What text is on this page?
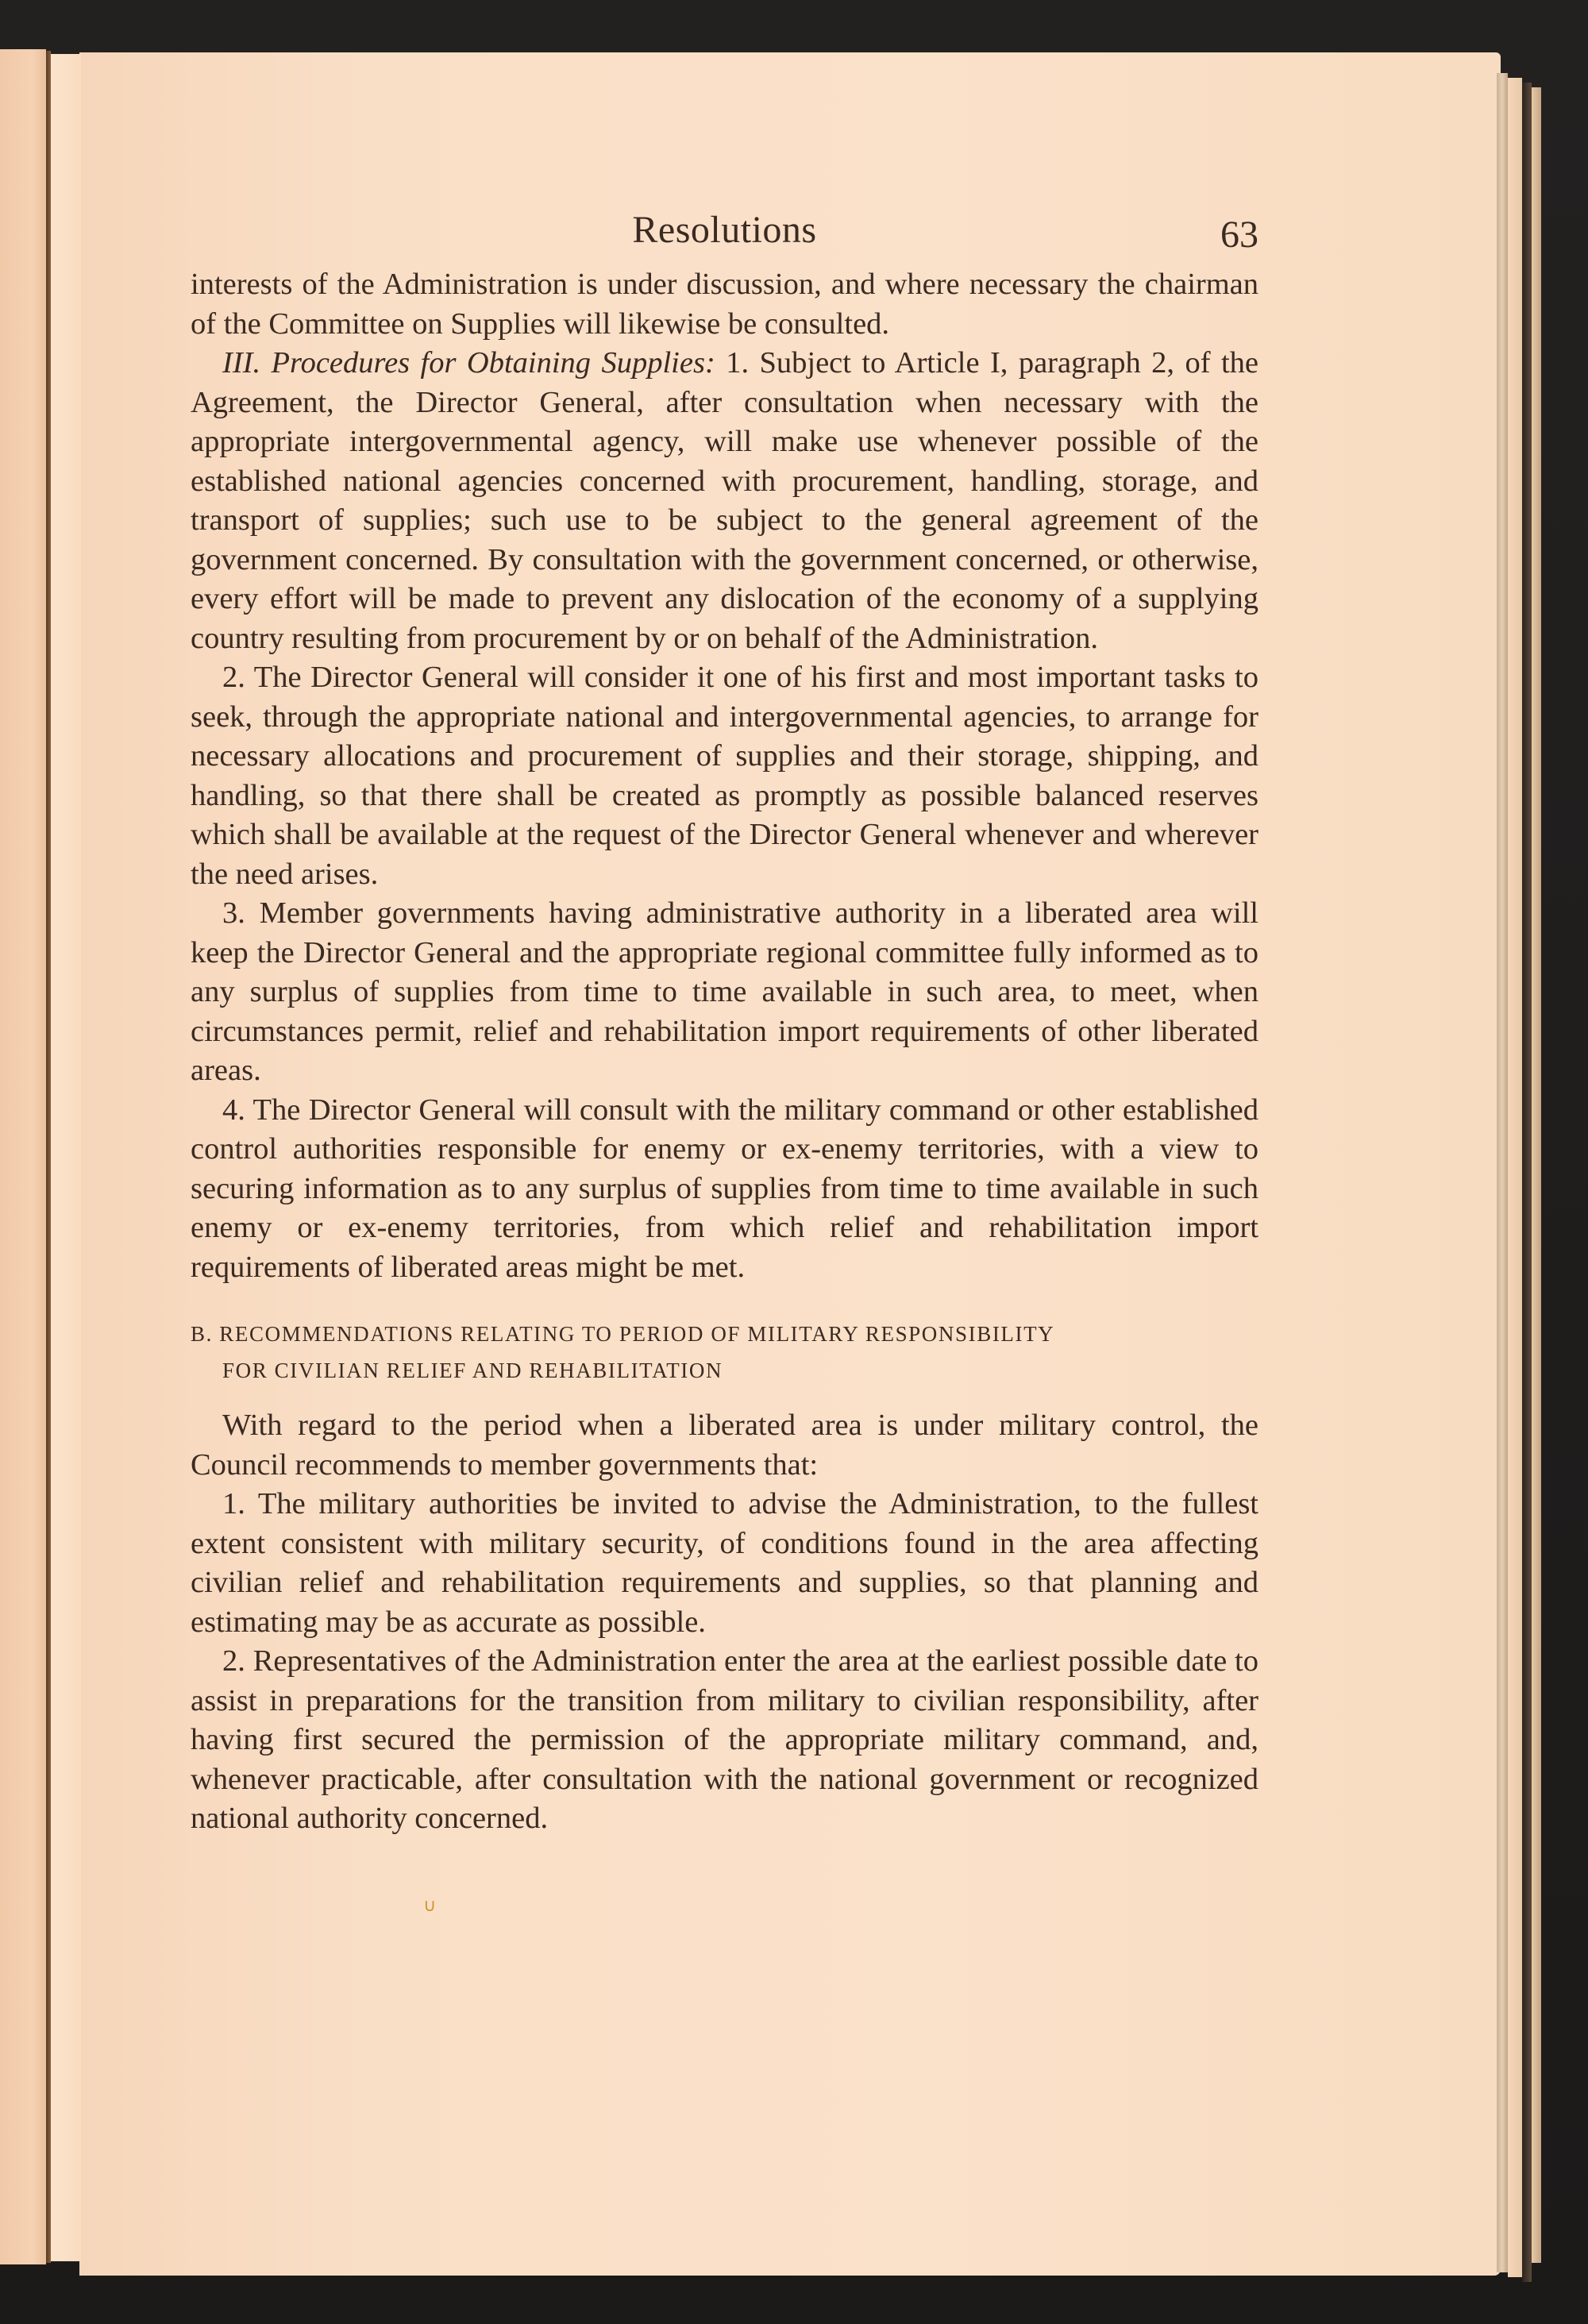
Resolutions	63

interests of the Administration is under discussion, and where necessary the chairman of the Committee on Supplies will likewise be consulted.

III. Procedures for Obtaining Supplies: 1. Subject to Article I, paragraph 2, of the Agreement, the Director General, after consultation when necessary with the appropriate intergovernmental agency, will make use whenever possible of the established national agencies concerned with procurement, handling, storage, and transport of supplies; such use to be subject to the general agreement of the government concerned. By consultation with the government concerned, or otherwise, every effort will be made to prevent any dislocation of the economy of a supplying country resulting from procurement by or on behalf of the Administration.

2. The Director General will consider it one of his first and most important tasks to seek, through the appropriate national and intergovernmental agencies, to arrange for necessary allocations and procurement of supplies and their storage, shipping, and handling, so that there shall be created as promptly as possible balanced reserves which shall be available at the request of the Director General whenever and wherever the need arises.

3. Member governments having administrative authority in a liberated area will keep the Director General and the appropriate regional committee fully informed as to any surplus of supplies from time to time available in such area, to meet, when circumstances permit, relief and rehabilitation import requirements of other liberated areas.

4. The Director General will consult with the military command or other established control authorities responsible for enemy or ex-enemy territories, with a view to securing information as to any surplus of supplies from time to time available in such enemy or ex-enemy territories, from which relief and rehabilitation import requirements of liberated areas might be met.

B. RECOMMENDATIONS RELATING TO PERIOD OF MILITARY RESPONSIBILITY
FOR CIVILIAN RELIEF AND REHABILITATION

With regard to the period when a liberated area is under military control, the Council recommends to member governments that:

1. The military authorities be invited to advise the Administration, to the fullest extent consistent with military security, of conditions found in the area affecting civilian relief and rehabilitation requirements and supplies, so that planning and estimating may be as accurate as possible.

2. Representatives of the Administration enter the area at the earliest possible date to assist in preparations for the transition from military to civilian responsibility, after having first secured the permission of the appropriate military command, and, whenever practicable, after consultation with the national government or recognized national authority concerned.

∪
